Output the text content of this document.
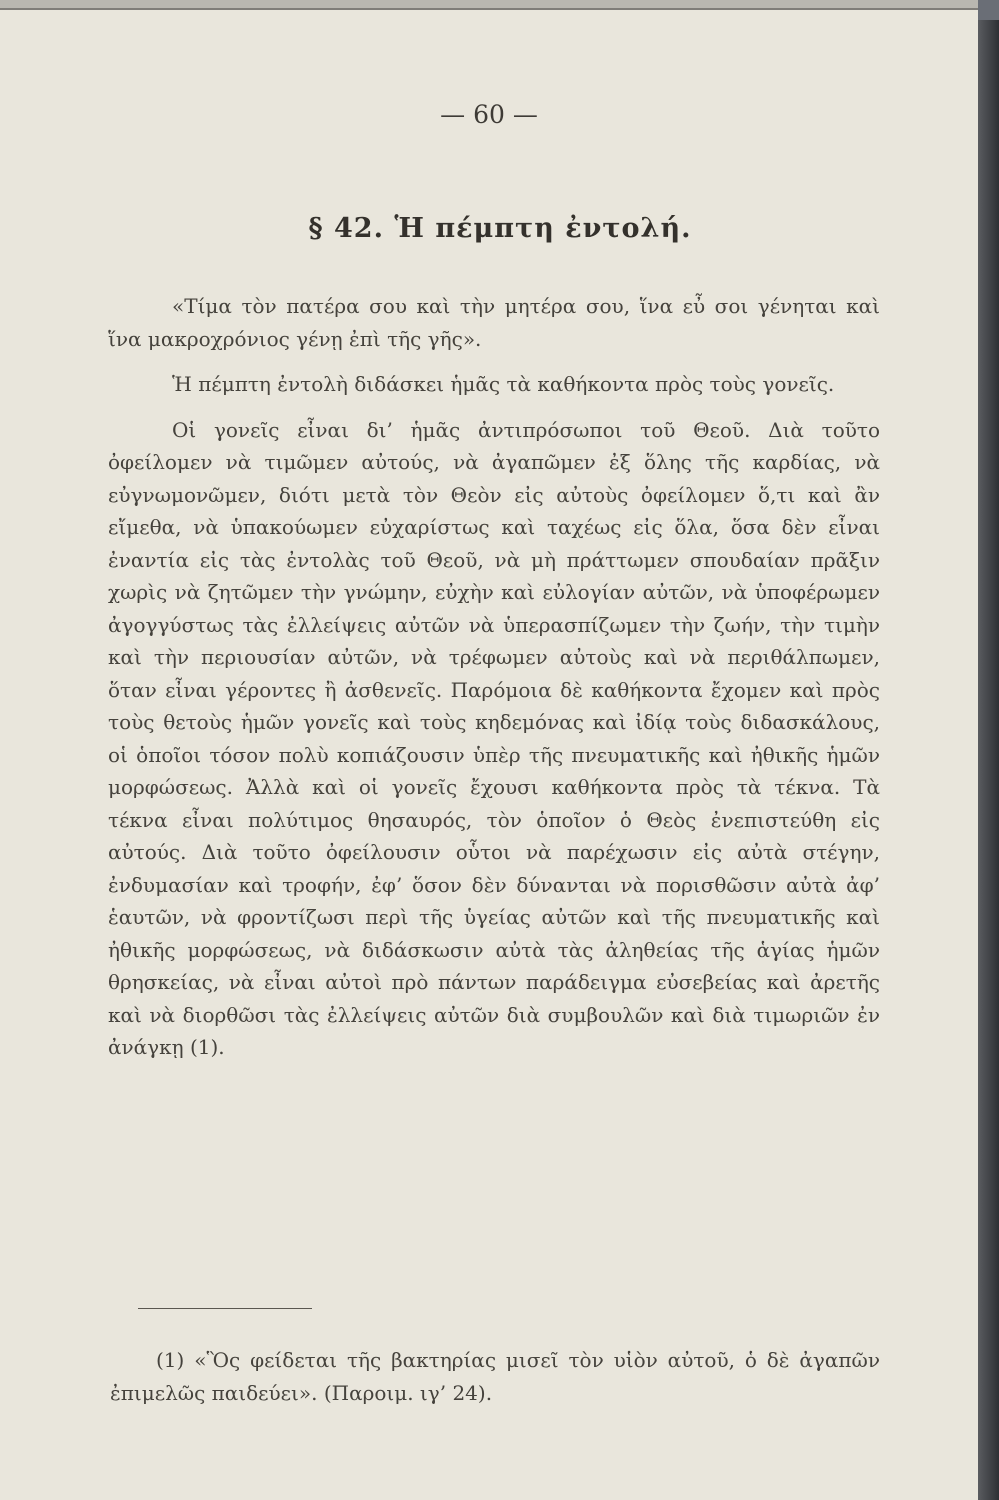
— 60 —
§ 42. Ἡ πέμπτη ἐντολή.

«Τίμα τὸν πατέρα σου καὶ τὴν μητέρα σου, ἵνα εὖ σοι γένηται καὶ ἵνα μακροχρόνιος γένῃ ἐπὶ τῆς γῆς».

Ἡ πέμπτη ἐντολὴ διδάσκει ἡμᾶς τὰ καθήκοντα πρὸς τοὺς γονεῖς.

Οἱ γονεῖς εἶναι δι’ ἡμᾶς ἀντιπρόσωποι τοῦ Θεοῦ. Διὰ τοῦτο ὀφείλομεν νὰ τιμῶμεν αὐτούς, νὰ ἀγαπῶμεν ἐξ ὅλης τῆς καρδίας, νὰ εὐγνωμονῶμεν, διότι μετὰ τὸν Θεὸν εἰς αὐτοὺς ὀφείλομεν ὅ,τι καὶ ἂν εἴμεθα, νὰ ὑπακούωμεν εὐχαρίστως καὶ ταχέως εἰς ὅλα, ὅσα δὲν εἶναι ἐναντία εἰς τὰς ἐντολὰς τοῦ Θεοῦ, νὰ μὴ πράττωμεν σπουδαίαν πρᾶξιν χωρὶς νὰ ζητῶμεν τὴν γνώμην, εὐχὴν καὶ εὐλογίαν αὐτῶν, νὰ ὑποφέρωμεν ἀγογγύστως τὰς ἐλλείψεις αὐτῶν νὰ ὑπερασπίζωμεν τὴν ζωήν, τὴν τιμὴν καὶ τὴν περιουσίαν αὐτῶν, νὰ τρέφωμεν αὐτοὺς καὶ νὰ περιθάλπωμεν, ὅταν εἶναι γέροντες ἢ ἀσθενεῖς. Παρόμοια δὲ καθήκοντα ἔχομεν καὶ πρὸς τοὺς θετοὺς ἡμῶν γονεῖς καὶ τοὺς κηδεμόνας καὶ ἰδίᾳ τοὺς διδασκάλους, οἱ ὁποῖοι τόσον πολὺ κοπιάζουσιν ὑπὲρ τῆς πνευματικῆς καὶ ἠθικῆς ἡμῶν μορφώσεως. Ἀλλὰ καὶ οἱ γονεῖς ἔχουσι καθήκοντα πρὸς τὰ τέκνα. Τὰ τέκνα εἶναι πολύτιμος θησαυρός, τὸν ὁποῖον ὁ Θεὸς ἐνεπιστεύθη εἰς αὐτούς. Διὰ τοῦτο ὀφείλουσιν οὗτοι νὰ παρέχωσιν εἰς αὐτὰ στέγην, ἐνδυμασίαν καὶ τροφήν, ἐφ’ ὅσον δὲν δύνανται νὰ πορισθῶσιν αὐτὰ ἀφ’ ἑαυτῶν, νὰ φροντίζωσι περὶ τῆς ὑγείας αὐτῶν καὶ τῆς πνευματικῆς καὶ ἠθικῆς μορφώσεως, νὰ διδάσκωσιν αὐτὰ τὰς ἀληθείας τῆς ἁγίας ἡμῶν θρησκείας, νὰ εἶναι αὐτοὶ πρὸ πάντων παράδειγμα εὐσεβείας καὶ ἀρετῆς καὶ νὰ διορθῶσι τὰς ἐλλείψεις αὐτῶν διὰ συμβουλῶν καὶ διὰ τιμωριῶν ἐν ἀνάγκῃ (1).

(1) «Ὃς φείδεται τῆς βακτηρίας μισεῖ τὸν υἱὸν αὐτοῦ, ὁ δὲ ἀγαπῶν ἐπιμελῶς παιδεύει». (Παροιμ. ιγ’ 24).
